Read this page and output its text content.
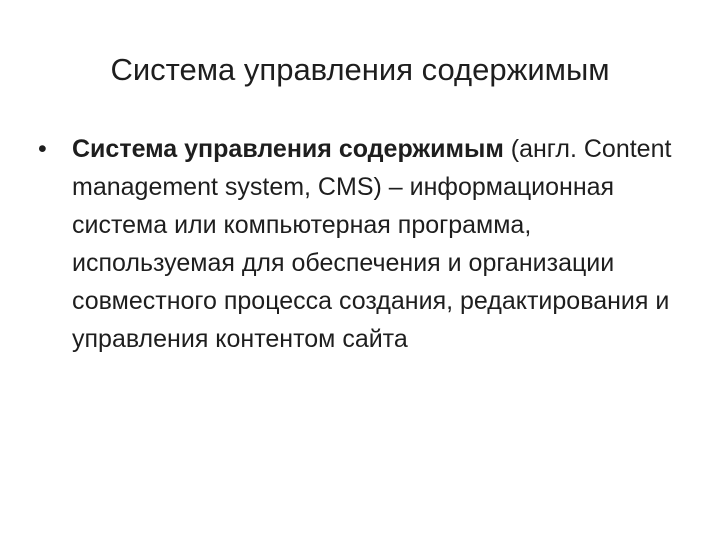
Система управления содержимым
• Система управления содержимым (англ. Content management system, CMS) – информационная система или компьютерная программа, используемая для обеспечения и организации совместного процесса создания, редактирования и управления контентом сайта
